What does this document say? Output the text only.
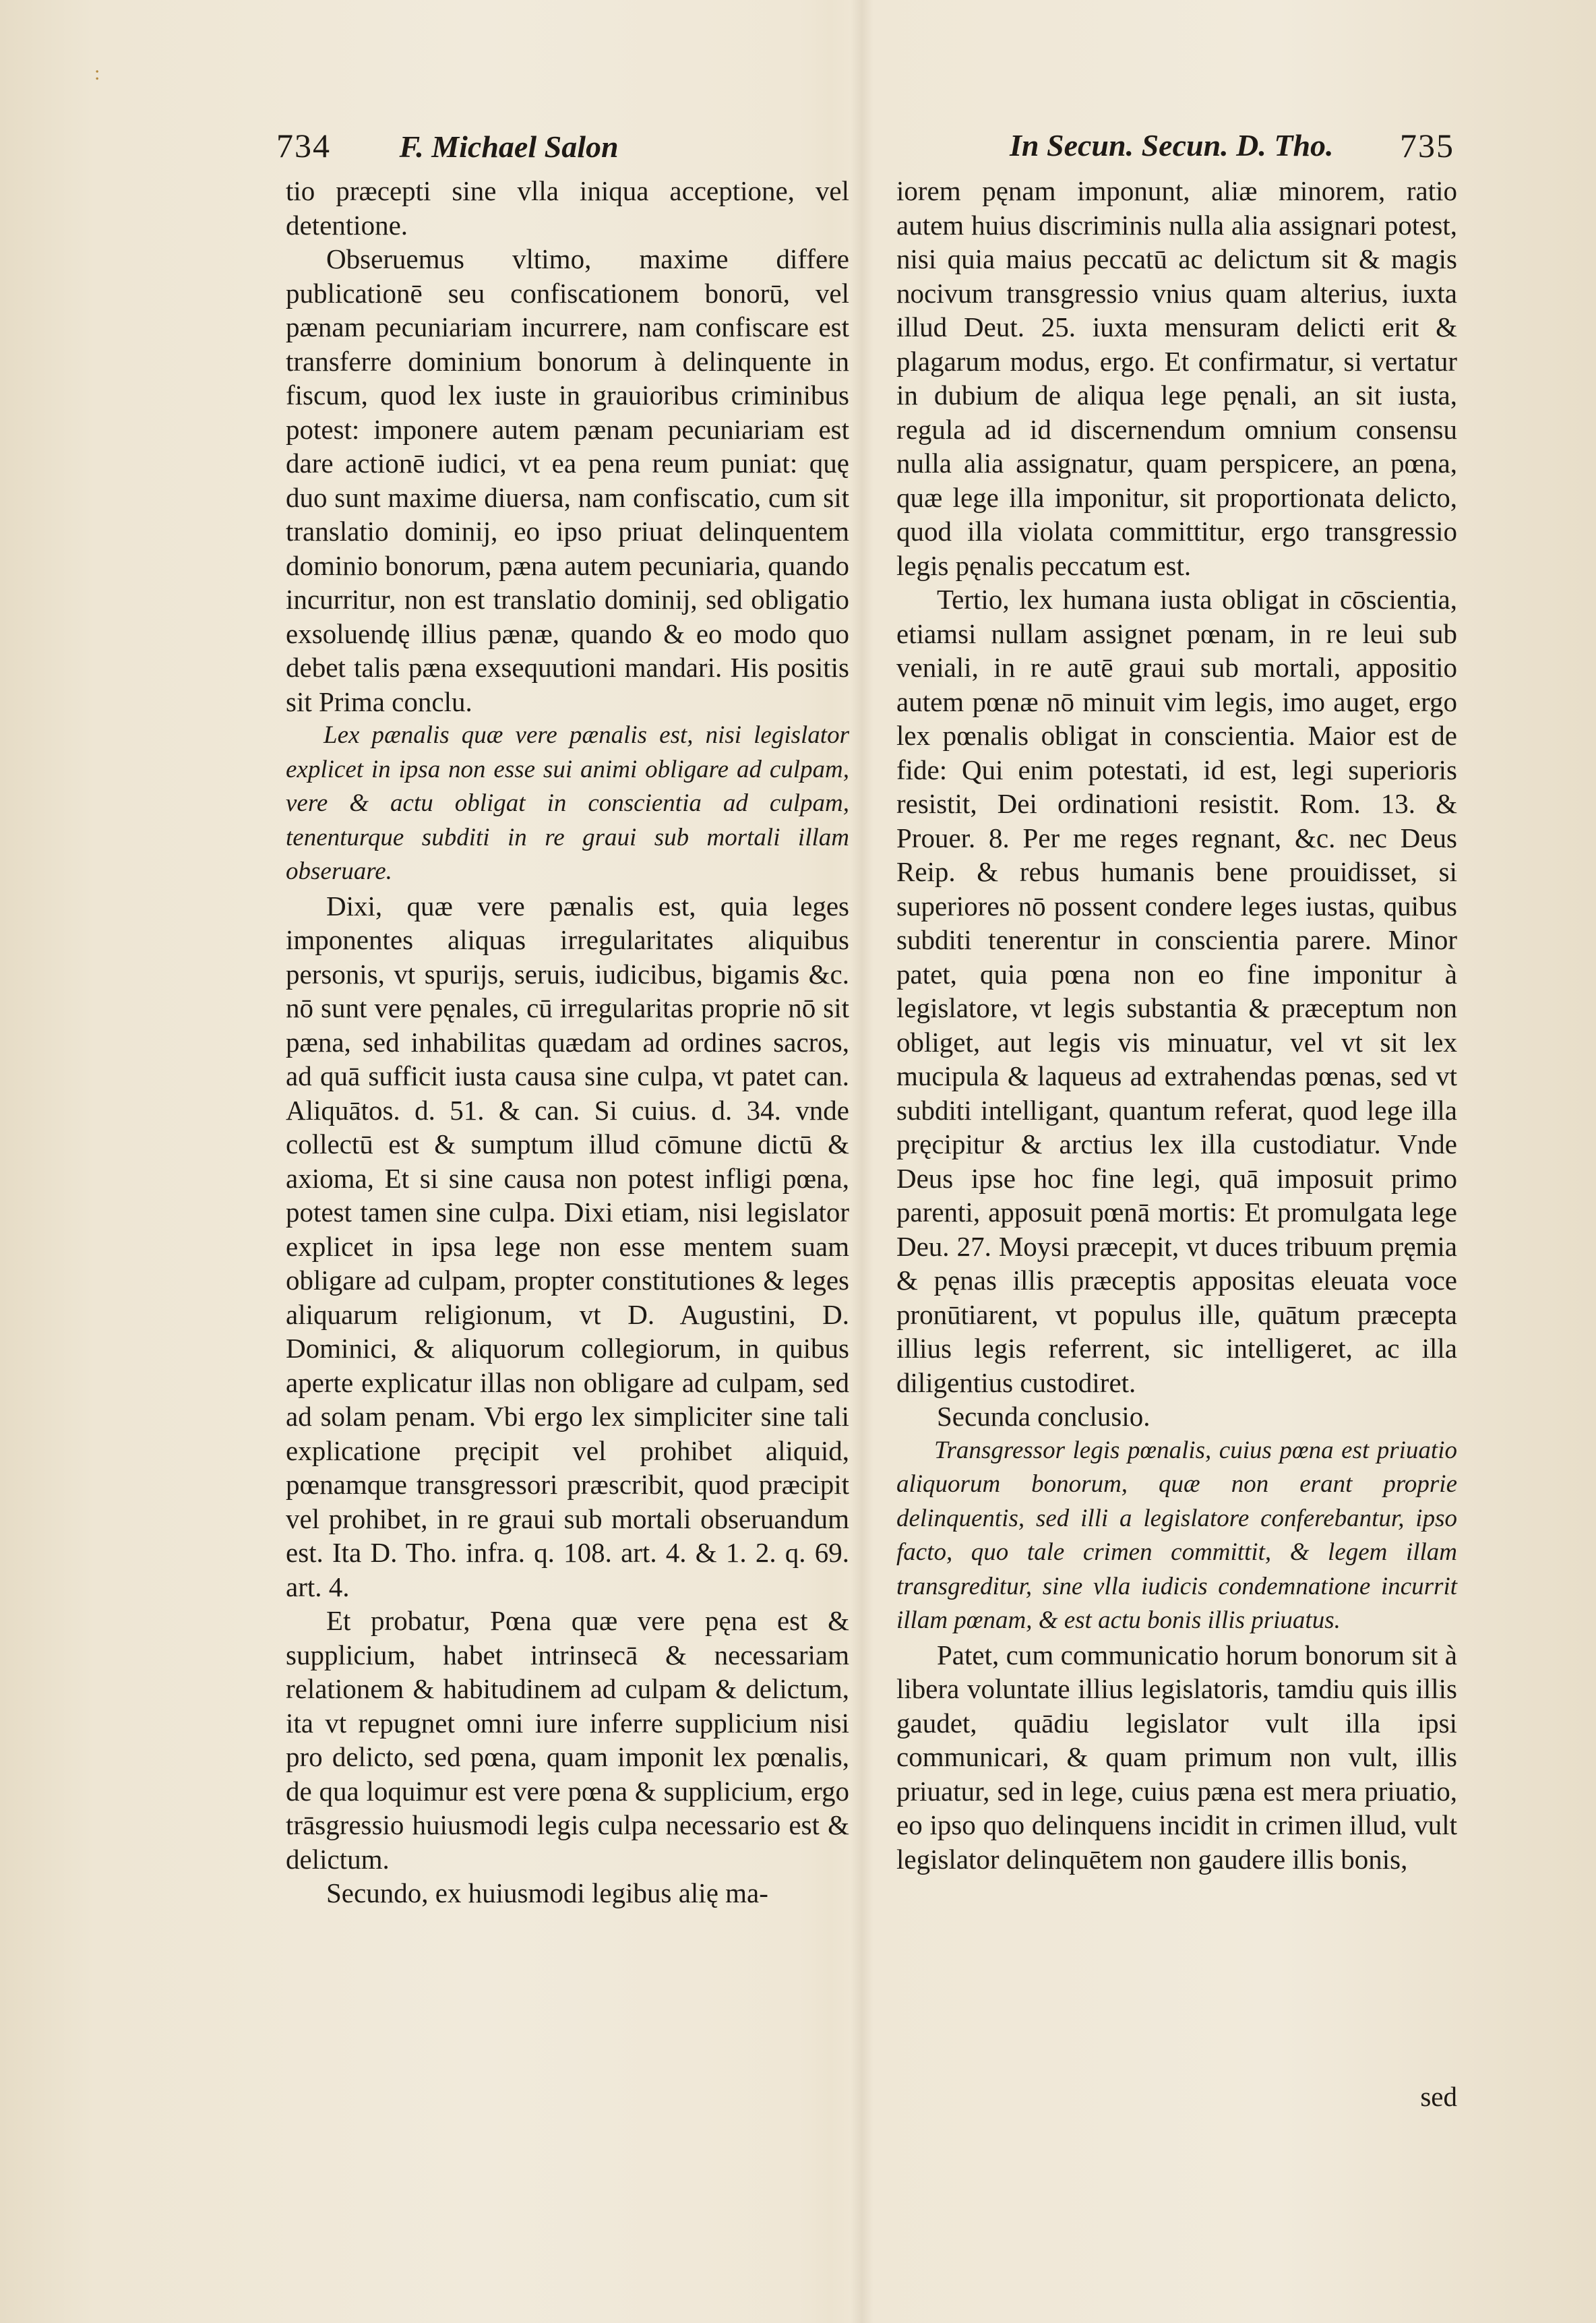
:
734 F. Michael Salon	In Secun. Secun. D. Tho. 735

tio præcepti sine vlla iniqua acceptione, vel detentione.

Obseruemus vltimo, maxime differe publicationē seu confiscationem bonorū, vel pænam pecuniariam incurrere, nam confiscare est transferre dominium bonorum à delinquente in fiscum, quod lex iuste in grauioribus criminibus potest: imponere autem pænam pecuniariam est dare actionē iudici, vt ea pena reum puniat: quę duo sunt maxime diuersa, nam confiscatio, cum sit translatio dominij, eo ipso priuat delinquentem dominio bonorum, pæna autem pecuniaria, quando incurritur, non est translatio dominij, sed obligatio exsoluendę illius pænæ, quando & eo modo quo debet talis pæna exsequutioni mandari. His positis sit Prima conclu.

Lex pænalis quæ vere pænalis est, nisi legislator explicet in ipsa non esse sui animi obligare ad culpam, vere & actu obligat in conscientia ad culpam, tenenturque subditi in re graui sub mortali illam obseruare.

Dixi, quæ vere pænalis est, quia leges imponentes aliquas irregularitates aliquibus personis, vt spurijs, seruis, iudicibus, bigamis &c. nō sunt vere pęnales, cū irregularitas proprie nō sit pæna, sed inhabilitas quædam ad ordines sacros, ad quā sufficit iusta causa sine culpa, vt patet can. Aliquātos. d. 51. & can. Si cuius. d. 34. vnde collectū est & sumptum illud cōmune dictū & axioma, Et si sine causa non potest infligi pœna, potest tamen sine culpa. Dixi etiam, nisi legislator explicet in ipsa lege non esse mentem suam obligare ad culpam, propter constitutiones & leges aliquarum religionum, vt D. Augustini, D. Dominici, & aliquorum collegiorum, in quibus aperte explicatur illas non obligare ad culpam, sed ad solam penam. Vbi ergo lex simpliciter sine tali explicatione pręcipit vel prohibet aliquid, pœnamque transgressori præscribit, quod præcipit vel prohibet, in re graui sub mortali obseruandum est. Ita D. Tho. infra. q. 108. art. 4. & 1. 2. q. 69. art. 4.

Et probatur, Pœna quæ vere pęna est & supplicium, habet intrinsecā & necessariam relationem & habitudinem ad culpam & delictum, ita vt repugnet omni iure inferre supplicium nisi pro delicto, sed pœna, quam imponit lex pœnalis, de qua loquimur est vere pœna & supplicium, ergo trāsgressio huiusmodi legis culpa necessario est & delictum.

Secundo, ex huiusmodi legibus alię ma-

iorem pęnam imponunt, aliæ minorem, ratio autem huius discriminis nulla alia assignari potest, nisi quia maius peccatū ac delictum sit & magis nocivum transgressio vnius quam alterius, iuxta illud Deut. 25. iuxta mensuram delicti erit & plagarum modus, ergo. Et confirmatur, si vertatur in dubium de aliqua lege pęnali, an sit iusta, regula ad id discernendum omnium consensu nulla alia assignatur, quam perspicere, an pœna, quæ lege illa imponitur, sit proportionata delicto, quod illa violata committitur, ergo transgressio legis pęnalis peccatum est.

Tertio, lex humana iusta obligat in cōscientia, etiamsi nullam assignet pœnam, in re leui sub veniali, in re autē graui sub mortali, appositio autem pœnæ nō minuit vim legis, imo auget, ergo lex pœnalis obligat in conscientia. Maior est de fide: Qui enim potestati, id est, legi superioris resistit, Dei ordinationi resistit. Rom. 13. & Prouer. 8. Per me reges regnant, &c. nec Deus Reip. & rebus humanis bene prouidisset, si superiores nō possent condere leges iustas, quibus subditi tenerentur in conscientia parere. Minor patet, quia pœna non eo fine imponitur à legislatore, vt legis substantia & præceptum non obliget, aut legis vis minuatur, vel vt sit lex mucipula & laqueus ad extrahendas pœnas, sed vt subditi intelligant, quantum referat, quod lege illa pręcipitur & arctius lex illa custodiatur. Vnde Deus ipse hoc fine legi, quā imposuit primo parenti, apposuit pœnā mortis: Et promulgata lege Deu. 27. Moysi præcepit, vt duces tribuum pręmia & pęnas illis præceptis appositas eleuata voce pronūtiarent, vt populus ille, quātum præcepta illius legis referrent, sic intelligeret, ac illa diligentius custodiret.

Secunda conclusio.

Transgressor legis pœnalis, cuius pœna est priuatio aliquorum bonorum, quæ non erant proprie delinquentis, sed illi a legislatore conferebantur, ipso facto, quo tale crimen committit, & legem illam transgreditur, sine vlla iudicis condemnatione incurrit illam pœnam, & est actu bonis illis priuatus.

Patet, cum communicatio horum bonorum sit à libera voluntate illius legislatoris, tamdiu quis illis gaudet, quādiu legislator vult illa ipsi communicari, & quam primum non vult, illis priuatur, sed in lege, cuius pæna est mera priuatio, eo ipso quo delinquens incidit in crimen illud, vult legislator delinquētem non gaudere illis bonis,

sed
